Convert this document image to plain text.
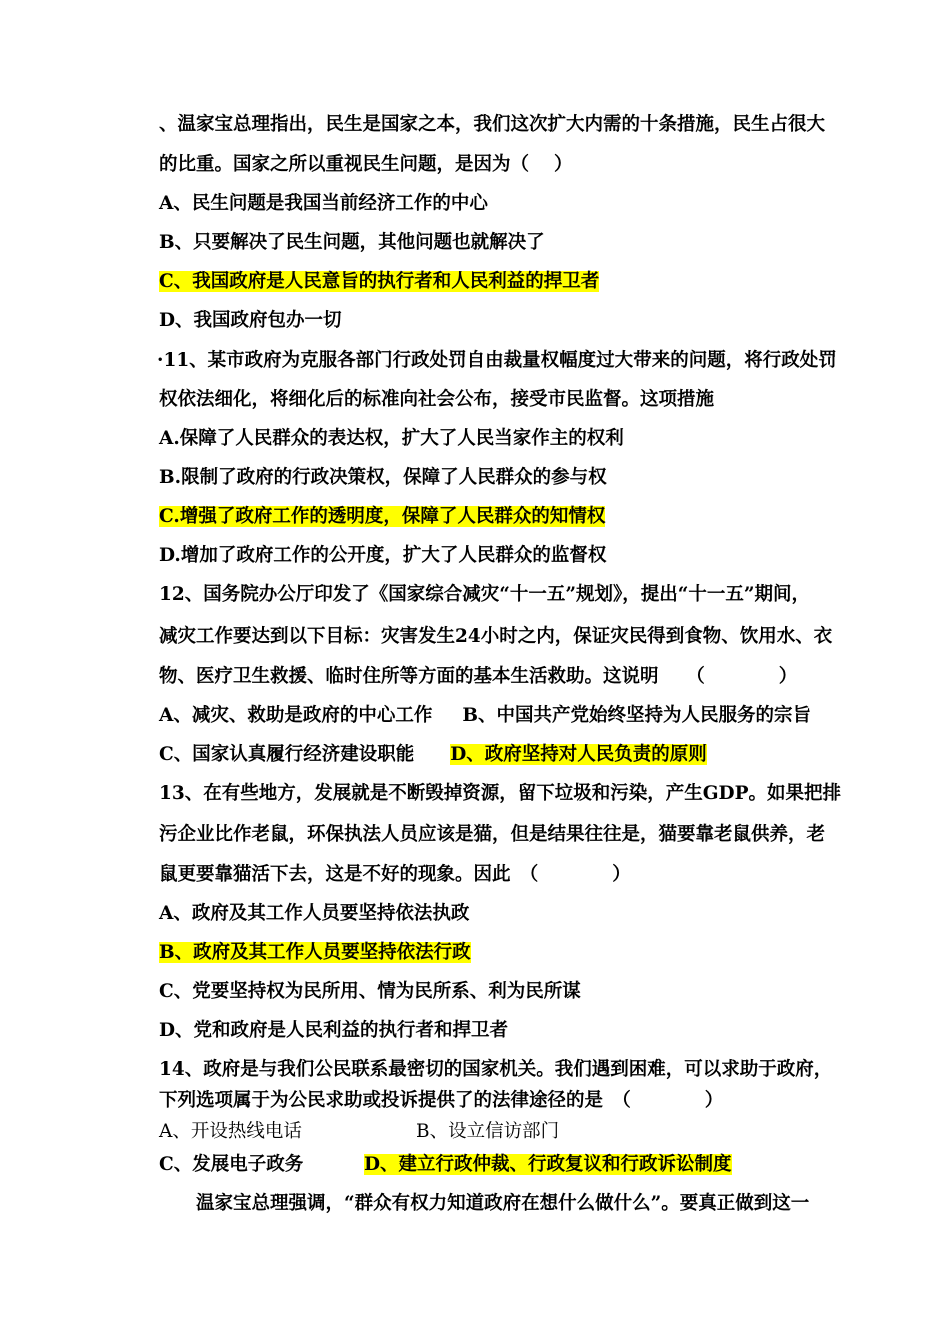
、温家宝总理指出，民生是国家之本，我们这次扩大内需的十条措施，民生占很大
的比重。国家之所以重视民生问题，是因为（　 ）
A、民生问题是我国当前经济工作的中心
B、只要解决了民生问题，其他问题也就解决了
C、我国政府是人民意旨的执行者和人民利益的捍卫者
D、我国政府包办一切
·11、某市政府为克服各部门行政处罚自由裁量权幅度过大带来的问题，将行政处罚
权依法细化，将细化后的标准向社会公布，接受市民监督。这项措施
A.保障了人民群众的表达权，扩大了人民当家作主的权利
B.限制了政府的行政决策权，保障了人民群众的参与权
C.增强了政府工作的透明度，保障了人民群众的知情权
D.增加了政府工作的公开度，扩大了人民群众的监督权
12、国务院办公厅印发了《国家综合减灾“十一五”规划》，提出“十一五”期间，
减灾工作要达到以下目标：灾害发生24小时之内，保证灾民得到食物、饮用水、衣
物、医疗卫生救援、临时住所等方面的基本生活救助。这说明　　（　　　　）
A、减灾、救助是政府的中心工作 B、中国共产党始终坚持为人民服务的宗旨
C、国家认真履行经济建设职能 D、政府坚持对人民负责的原则
13、在有些地方，发展就是不断毁掉资源，留下垃圾和污染，产生GDP。如果把排
污企业比作老鼠，环保执法人员应该是猫，但是结果往往是，猫要靠老鼠供养，老
鼠更要靠猫活下去，这是不好的现象。因此　（　　　　）
A、政府及其工作人员要坚持依法执政
B、政府及其工作人员要坚持依法行政
C、党要坚持权为民所用、情为民所系、利为民所谋
D、党和政府是人民利益的执行者和捍卫者
14、政府是与我们公民联系最密切的国家机关。我们遇到困难，可以求助于政府，
下列选项属于为公民求助或投诉提供了的法律途径的是　（　　　　）
A、开设热线电话	B、设立信访部门
C、发展电子政务	D、建立行政仲裁、行政复议和行政诉讼制度
温家宝总理强调，“群众有权力知道政府在想什么做什么”。要真正做到这一
